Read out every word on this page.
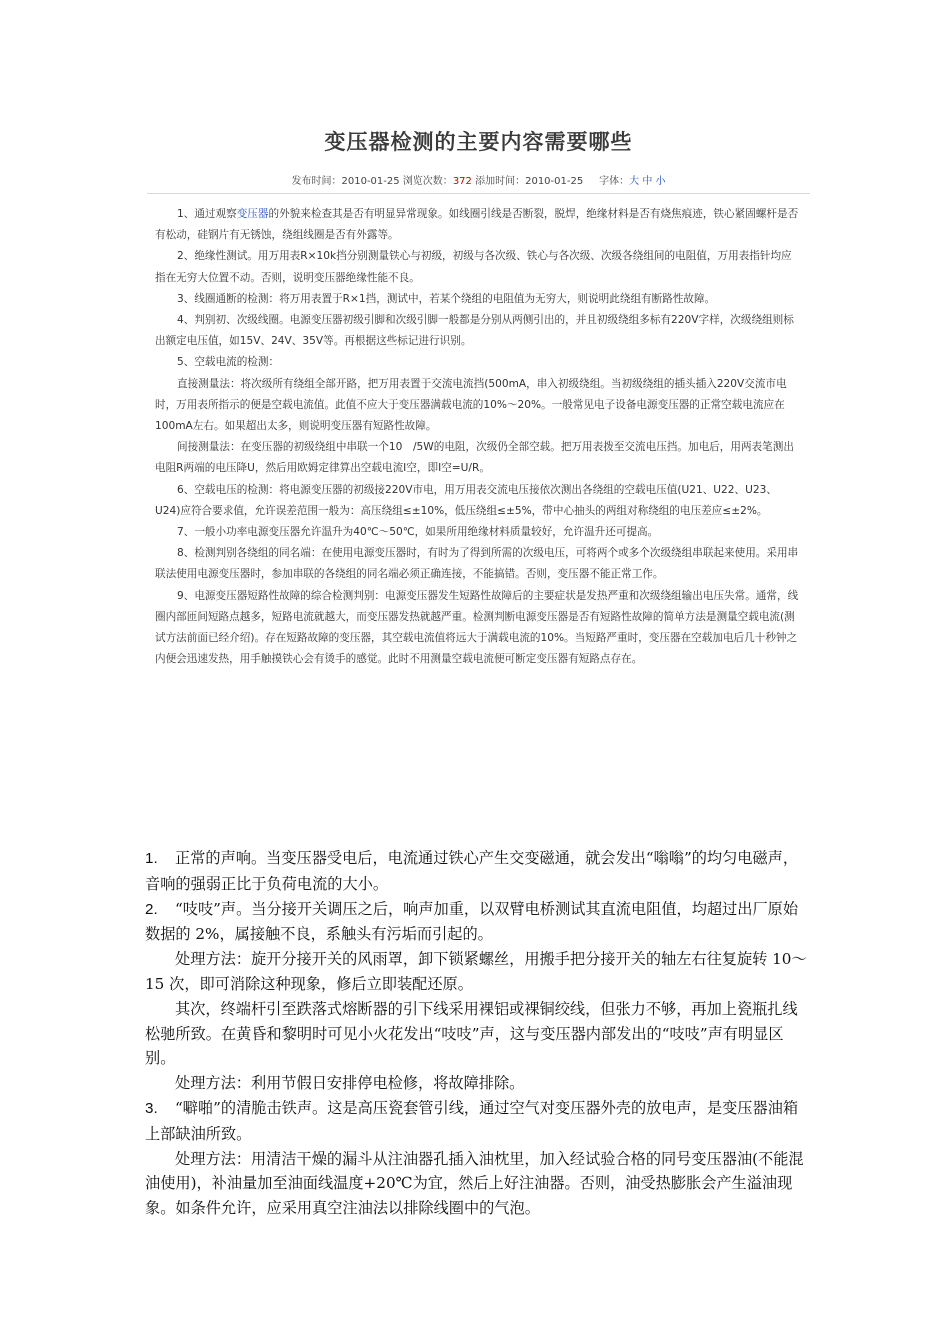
变压器检测的主要内容需要哪些
发布时间：2010-01-25 浏览次数：372 添加时间：2010-01-25 字体：大 中 小

1、通过观察变压器的外貌来检查其是否有明显异常现象。如线圈引线是否断裂，脱焊，绝缘材料是否有烧焦痕迹，铁心紧固螺杆是否有松动，硅钢片有无锈蚀，绕组线圈是否有外露等。

2、绝缘性测试。用万用表R×10k挡分别测量铁心与初级，初级与各次级、铁心与各次级、次级各绕组间的电阻值，万用表指针均应指在无穷大位置不动。否则，说明变压器绝缘性能不良。

3、线圈通断的检测：将万用表置于R×1挡，测试中，若某个绕组的电阻值为无穷大，则说明此绕组有断路性故障。

4、判别初、次级线圈。电源变压器初级引脚和次级引脚一般都是分别从两侧引出的，并且初级绕组多标有220V字样，次级绕组则标出额定电压值，如15V、24V、35V等。再根据这些标记进行识别。

5、空载电流的检测：

直接测量法：将次级所有绕组全部开路，把万用表置于交流电流挡(500mA，串入初级绕组。当初级绕组的插头插入220V交流市电时，万用表所指示的便是空载电流值。此值不应大于变压器满载电流的10%～20%。一般常见电子设备电源变压器的正常空载电流应在100mA左右。如果超出太多，则说明变压器有短路性故障。

间接测量法：在变压器的初级绕组中串联一个10　/5W的电阻，次级仍全部空载。把万用表拨至交流电压挡。加电后，用两表笔测出电阻R两端的电压降U，然后用欧姆定律算出空载电流I空，即I空=U/R。

6、空载电压的检测：将电源变压器的初级接220V市电，用万用表交流电压接依次测出各绕组的空载电压值(U21、U22、U23、U24)应符合要求值，允许误差范围一般为：高压绕组≤±10%，低压绕组≤±5%，带中心抽头的两组对称绕组的电压差应≤±2%。

7、一般小功率电源变压器允许温升为40℃～50℃，如果所用绝缘材料质量较好，允许温升还可提高。

8、检测判别各绕组的同名端：在使用电源变压器时，有时为了得到所需的次级电压，可将两个或多个次级绕组串联起来使用。采用串联法使用电源变压器时，参加串联的各绕组的同名端必须正确连接，不能搞错。否则，变压器不能正常工作。

9、电源变压器短路性故障的综合检测判别：电源变压器发生短路性故障后的主要症状是发热严重和次级绕组输出电压失常。通常，线圈内部匝间短路点越多，短路电流就越大，而变压器发热就越严重。检测判断电源变压器是否有短路性故障的简单方法是测量空载电流(测试方法前面已经介绍)。存在短路故障的变压器，其空载电流值将远大于满载电流的10%。当短路严重时，变压器在空载加电后几十秒钟之内便会迅速发热，用手触摸铁心会有烫手的感觉。此时不用测量空载电流便可断定变压器有短路点存在。

1. 正常的声响。当变压器受电后，电流通过铁心产生交变磁通，就会发出“嗡嗡”的均匀电磁声，音响的强弱正比于负荷电流的大小。

2. “吱吱”声。当分接开关调压之后，响声加重，以双臂电桥测试其直流电阻值，均超过出厂原始数据的 2%，属接触不良，系触头有污垢而引起的。

处理方法：旋开分接开关的风雨罩，卸下锁紧螺丝，用搬手把分接开关的轴左右往复旋转 10～15 次，即可消除这种现象，修后立即装配还原。

其次，终端杆引至跌落式熔断器的引下线采用裸铝或裸铜绞线，但张力不够，再加上瓷瓶扎线松驰所致。在黄昏和黎明时可见小火花发出“吱吱”声，这与变压器内部发出的“吱吱”声有明显区别。

处理方法：利用节假日安排停电检修，将故障排除。

3. “噼啪”的清脆击铁声。这是高压瓷套管引线，通过空气对变压器外壳的放电声，是变压器油箱上部缺油所致。

处理方法：用清洁干燥的漏斗从注油器孔插入油枕里，加入经试验合格的同号变压器油(不能混油使用)，补油量加至油面线温度+20℃为宜，然后上好注油器。否则，油受热膨胀会产生溢油现象。如条件允许，应采用真空注油法以排除线圈中的气泡。
